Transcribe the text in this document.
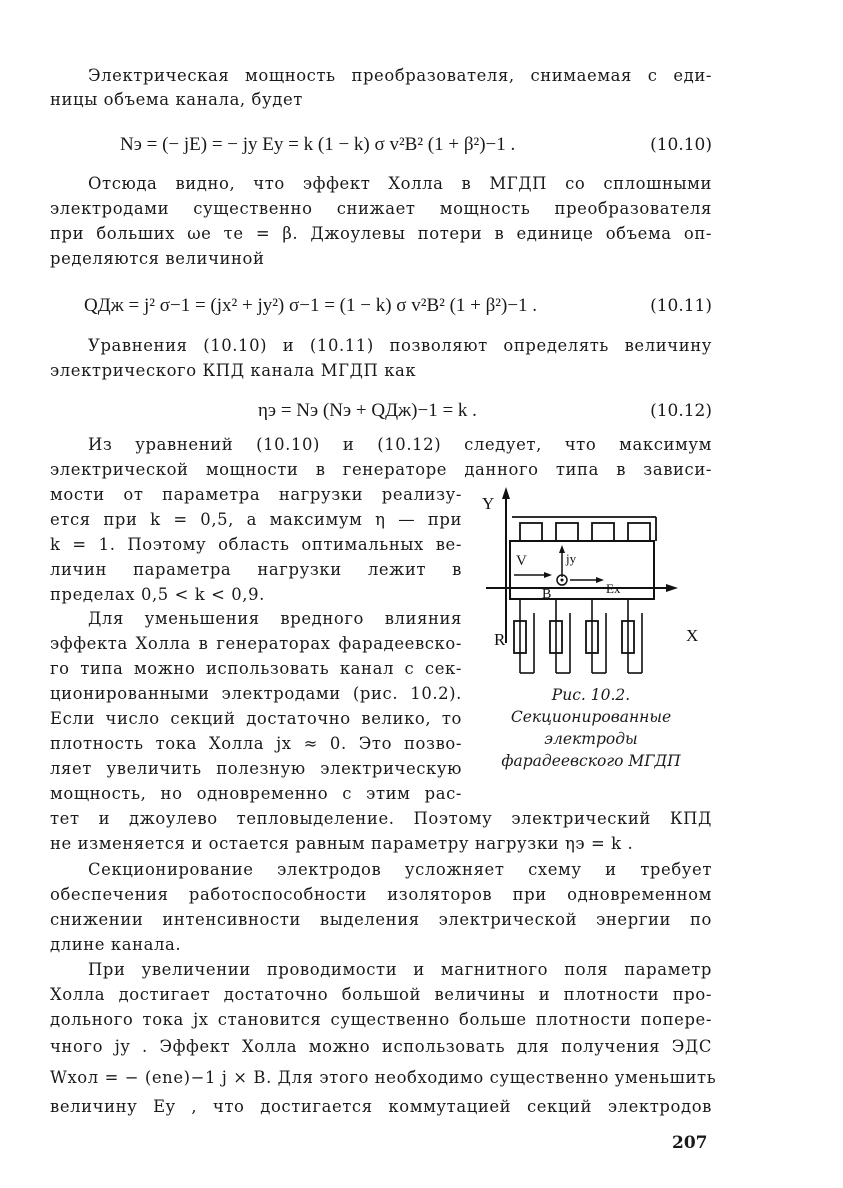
Электрическая мощность преобразователя, снимаемая с еди-
ницы объема канала, будет
Nэ = (− jE) = − jy Ey = k (1 − k) σ v²B² (1 + β²)−1 .	(10.10)
Отсюда видно, что эффект Холла в МГДП со сплошными
электродами существенно снижает мощность преобразователя
при больших ωe τe = β. Джоулевы потери в единице объема оп-
ределяются величиной
QДж = j² σ−1 = (jx² + jy²) σ−1 = (1 − k) σ v²B² (1 + β²)−1 .	(10.11)
Уравнения (10.10) и (10.11) позволяют определять величину
электрического КПД канала МГДП как
ηэ = Nэ (Nэ + QДж)−1 = k .	(10.12)
Из уравнений (10.10) и (10.12) следует, что максимум
электрической мощности в генераторе данного типа в зависи-
мости от параметра нагрузки реализу-
ется при k = 0,5, а максимум η — при
k = 1. Поэтому область оптимальных ве-
личин параметра нагрузки лежит в
пределах 0,5 < k < 0,9.
Для уменьшения вредного влияния
эффекта Холла в генераторах фарадеевско-
го типа можно использовать канал с сек-
ционированными электродами (рис. 10.2).
Если число секций достаточно велико, то
плотность тока Холла jx ≈ 0. Это позво-
ляет увеличить полезную электрическую
мощность, но одновременно с этим рас-
тет и джоулево тепловыделение. Поэтому электрический КПД
не изменяется и остается равным параметру нагрузки ηэ = k .
Секционирование электродов усложняет схему и требует
обеспечения работоспособности изоляторов при одновременном
снижении интенсивности выделения электрической энергии по
длине канала.
При увеличении проводимости и магнитного поля параметр
Холла достигает достаточно большой величины и плотности про-
дольного тока jx становится существенно больше плотности попере-
чного jy . Эффект Холла можно использовать для получения ЭДС
Wхол = − (enе)−1 j × B. Для этого необходимо существенно уменьшить
величину Ey , что достигается коммутацией секций электродов
Y
X
V	jy
B	Ex
R
Рис. 10.2.
Секционированные
электроды
фарадеевского МГДП
207
